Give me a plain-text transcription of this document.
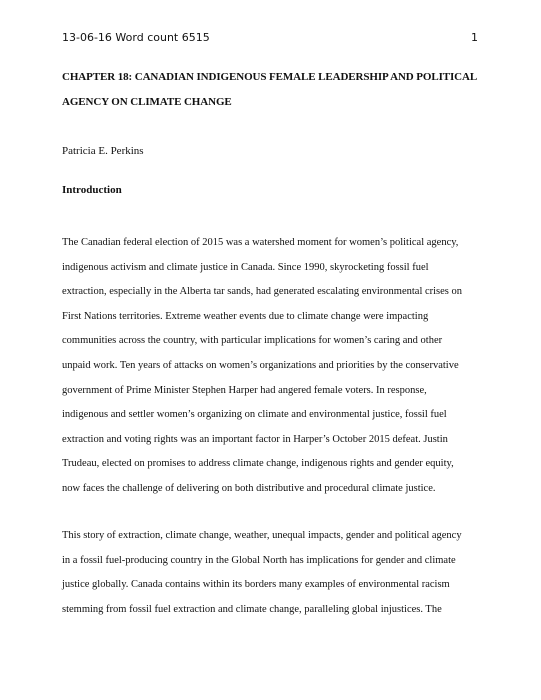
13-06-16 Word count 6515	1
CHAPTER 18: CANADIAN INDIGENOUS FEMALE LEADERSHIP AND POLITICAL
AGENCY ON CLIMATE CHANGE
Patricia E. Perkins
Introduction
The Canadian federal election of 2015 was a watershed moment for women’s political agency,
indigenous activism and climate justice in Canada. Since 1990, skyrocketing fossil fuel
extraction, especially in the Alberta tar sands, had generated escalating environmental crises on
First Nations territories. Extreme weather events due to climate change were impacting
communities across the country, with particular implications for women’s caring and other
unpaid work. Ten years of attacks on women’s organizations and priorities by the conservative
government of Prime Minister Stephen Harper had angered female voters. In response,
indigenous and settler women’s organizing on climate and environmental justice, fossil fuel
extraction and voting rights was an important factor in Harper’s October 2015 defeat. Justin
Trudeau, elected on promises to address climate change, indigenous rights and gender equity,
now faces the challenge of delivering on both distributive and procedural climate justice.
This story of extraction, climate change, weather, unequal impacts, gender and political agency
in a fossil fuel-producing country in the Global North has implications for gender and climate
justice globally. Canada contains within its borders many examples of environmental racism
stemming from fossil fuel extraction and climate change, paralleling global injustices. The
